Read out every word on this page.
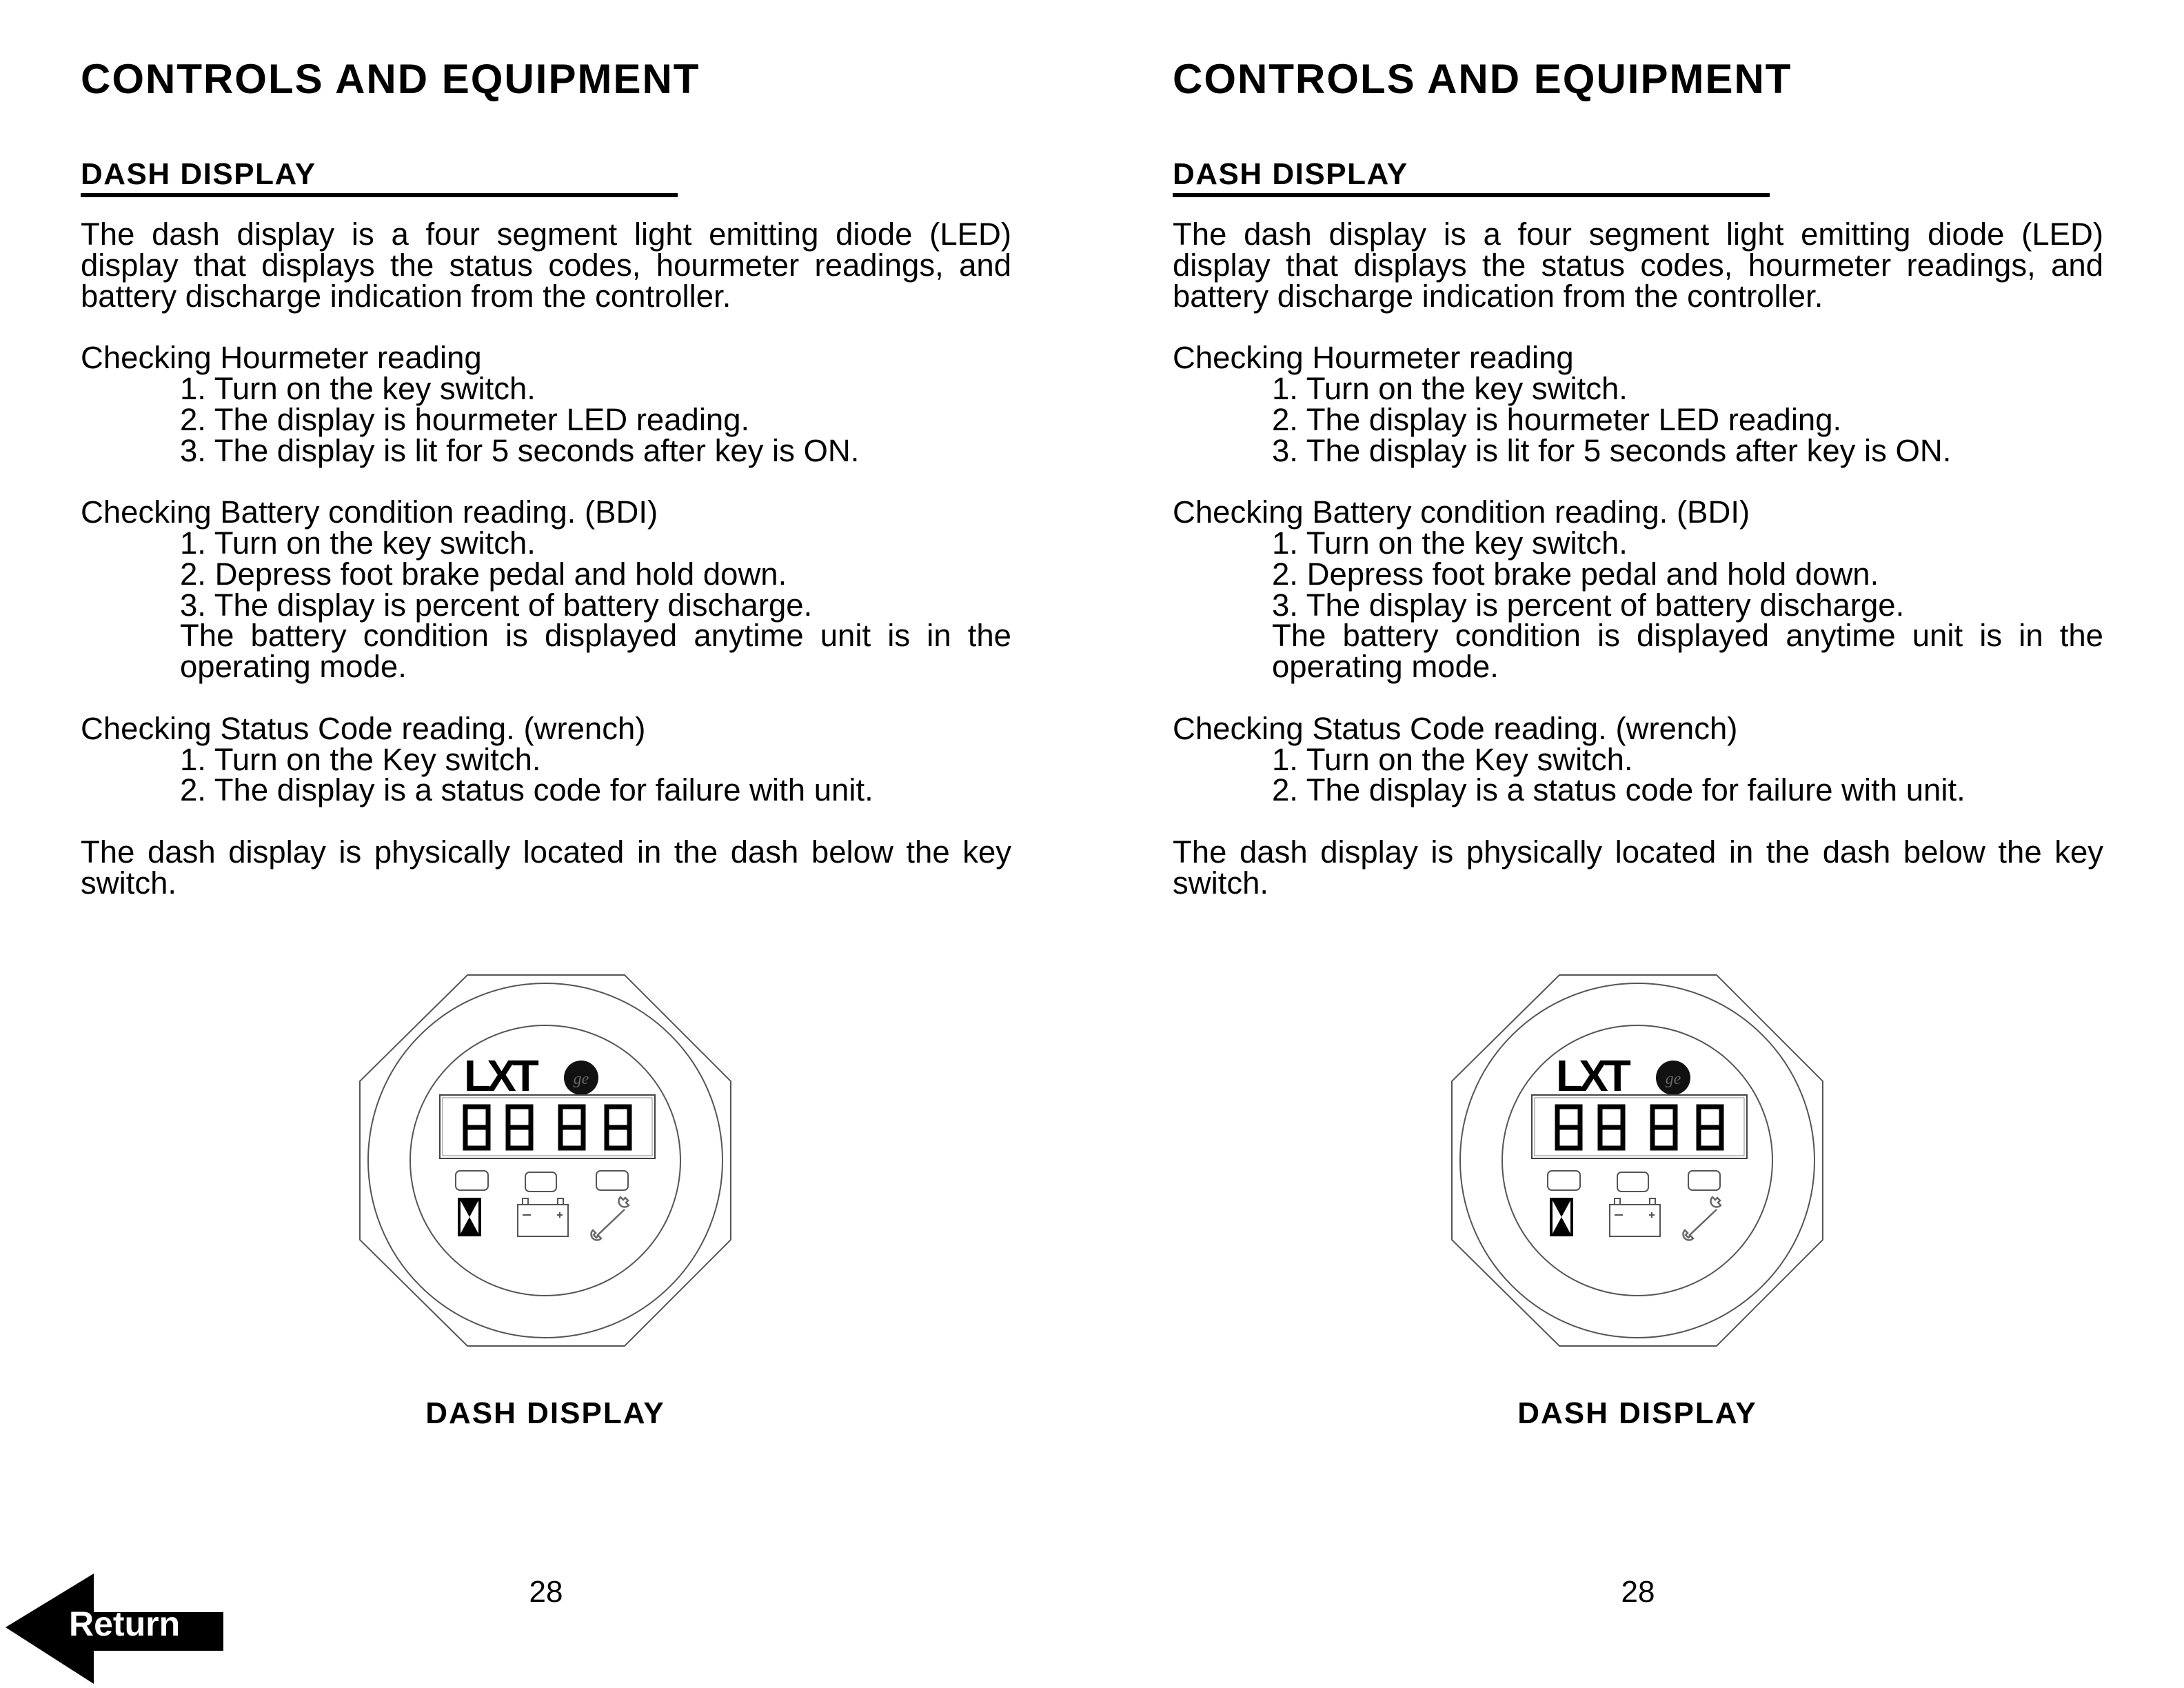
CONTROLS AND EQUIPMENT
DASH DISPLAY

The dash display is a four segment light emitting diode (LED) display that displays the status codes, hourmeter readings, and battery discharge indication from the controller.

Checking Hourmeter reading

1. Turn on the key switch.

2. The display is hourmeter LED reading.

3. The display is lit for 5 seconds after key is ON.

Checking Battery condition reading. (BDI)

1. Turn on the key switch.

2. Depress foot brake pedal and hold down.

3. The display is percent of battery discharge.

The battery condition is displayed anytime unit is in the operating mode.

Checking Status Code reading. (wrench)

1. Turn on the Key switch.

2. The display is a status code for failure with unit.

The dash display is physically located in the dash below the key switch.

LXT ge
DASH DISPLAY
28
CONTROLS AND EQUIPMENT
DASH DISPLAY

The dash display is a four segment light emitting diode (LED) display that displays the status codes, hourmeter readings, and battery discharge indication from the controller.

Checking Hourmeter reading

1. Turn on the key switch.

2. The display is hourmeter LED reading.

3. The display is lit for 5 seconds after key is ON.

Checking Battery condition reading. (BDI)

1. Turn on the key switch.

2. Depress foot brake pedal and hold down.

3. The display is percent of battery discharge.

The battery condition is displayed anytime unit is in the operating mode.

Checking Status Code reading. (wrench)

1. Turn on the Key switch.

2. The display is a status code for failure with unit.

The dash display is physically located in the dash below the key switch.

LXT ge
DASH DISPLAY
28
Return
